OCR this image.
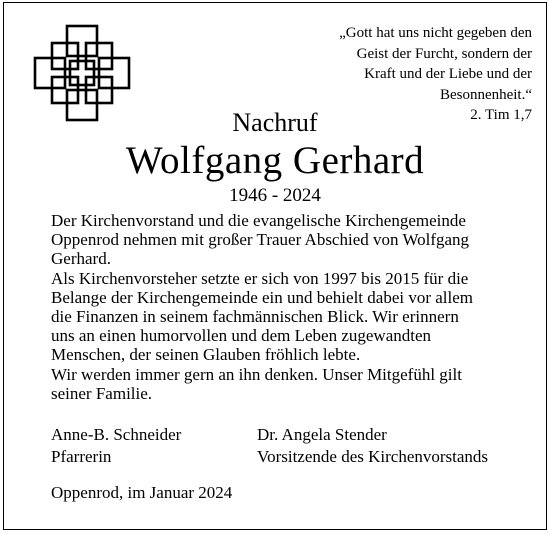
„Gott hat uns nicht gegeben den
Geist der Furcht, sondern der
Kraft und der Liebe und der
Besonnenheit.“
2. Tim 1,7
Nachruf
Wolfgang Gerhard
1946 - 2024
Der Kirchenvorstand und die evangelische Kirchengemeinde
Oppenrod nehmen mit großer Trauer Abschied von Wolfgang
Gerhard.
Als Kirchenvorsteher setzte er sich von 1997 bis 2015 für die
Belange der Kirchengemeinde ein und behielt dabei vor allem
die Finanzen in seinem fachmännischen Blick. Wir erinnern
uns an einen humorvollen und dem Leben zugewandten
Menschen, der seinen Glauben fröhlich lebte.
Wir werden immer gern an ihn denken. Unser Mitgefühl gilt
seiner Familie.
Anne-B. Schneider
Pfarrerin
Dr. Angela Stender
Vorsitzende des Kirchenvorstands
Oppenrod, im Januar 2024
